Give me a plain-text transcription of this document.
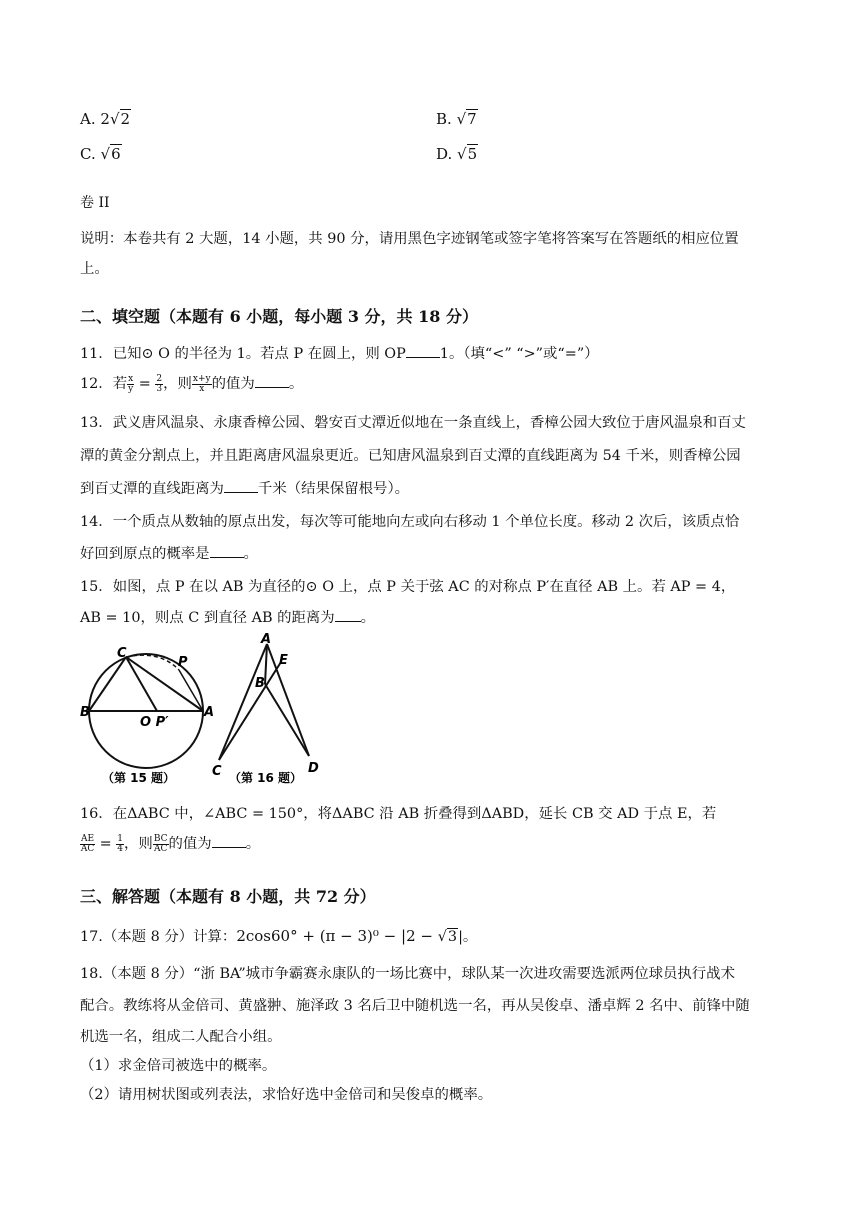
A. 2√2	B. √7
C. √6	D. √5
卷 II
说明：本卷共有 2 大题，14 小题，共 90 分，请用黑色字迹钢笔或签字笔将答案写在答题纸的相应位置
上。
二、填空题（本题有 6 小题，每小题 3 分，共 18 分）
11．已知⊙ O 的半径为 1。若点 P 在圆上，则 OP 1。（填“<” “>”或“=”）
12．若 $\frac{x}{y} = \frac{2}{3}$ ，则 $\frac{x+y}{x}$ 的值为 。
13．武义唐风温泉、永康香樟公园、磐安百丈潭近似地在一条直线上，香樟公园大致位于唐风温泉和百丈
潭的黄金分割点上，并且距离唐风温泉更近。已知唐风温泉到百丈潭的直线距离为 54 千米，则香樟公园
到百丈潭的直线距离为 千米（结果保留根号）。
14．一个质点从数轴的原点出发，每次等可能地向左或向右移动 1 个单位长度。移动 2 次后，该质点恰
好回到原点的概率是 。
15．如图，点 P 在以 AB 为直径的⊙ O 上，点 P 关于弦 AC 的对称点 P′在直径 AB 上。若 AP = 4，
AB = 10，则点 C 到直径 AB 的距离为 。
C
P
B	A
O P′
（第 15 题）
A
E
B
C	D
（第 16 题）
16．在ΔABC 中，∠ABC = 150°，将ΔABC 沿 AB 折叠得到ΔABD，延长 CB 交 AD 于点 E，若
$\frac{AE}{AC} = \frac{1}{4}$ ，则 $\frac{BC}{AC}$ 的值为 。
三、解答题（本题有 8 小题，共 72 分）
17.（本题 8 分）计算：2cos60° + (π − 3)⁰ − |2 − √3|。
18.（本题 8 分）“浙 BA”城市争霸赛永康队的一场比赛中，球队某一次进攻需要选派两位球员执行战术
配合。教练将从金倍司、黄盛翀、施泽政 3 名后卫中随机选一名，再从吴俊卓、潘卓辉 2 名中、前锋中随
机选一名，组成二人配合小组。
（1）求金倍司被选中的概率。
（2）请用树状图或列表法，求恰好选中金倍司和吴俊卓的概率。
